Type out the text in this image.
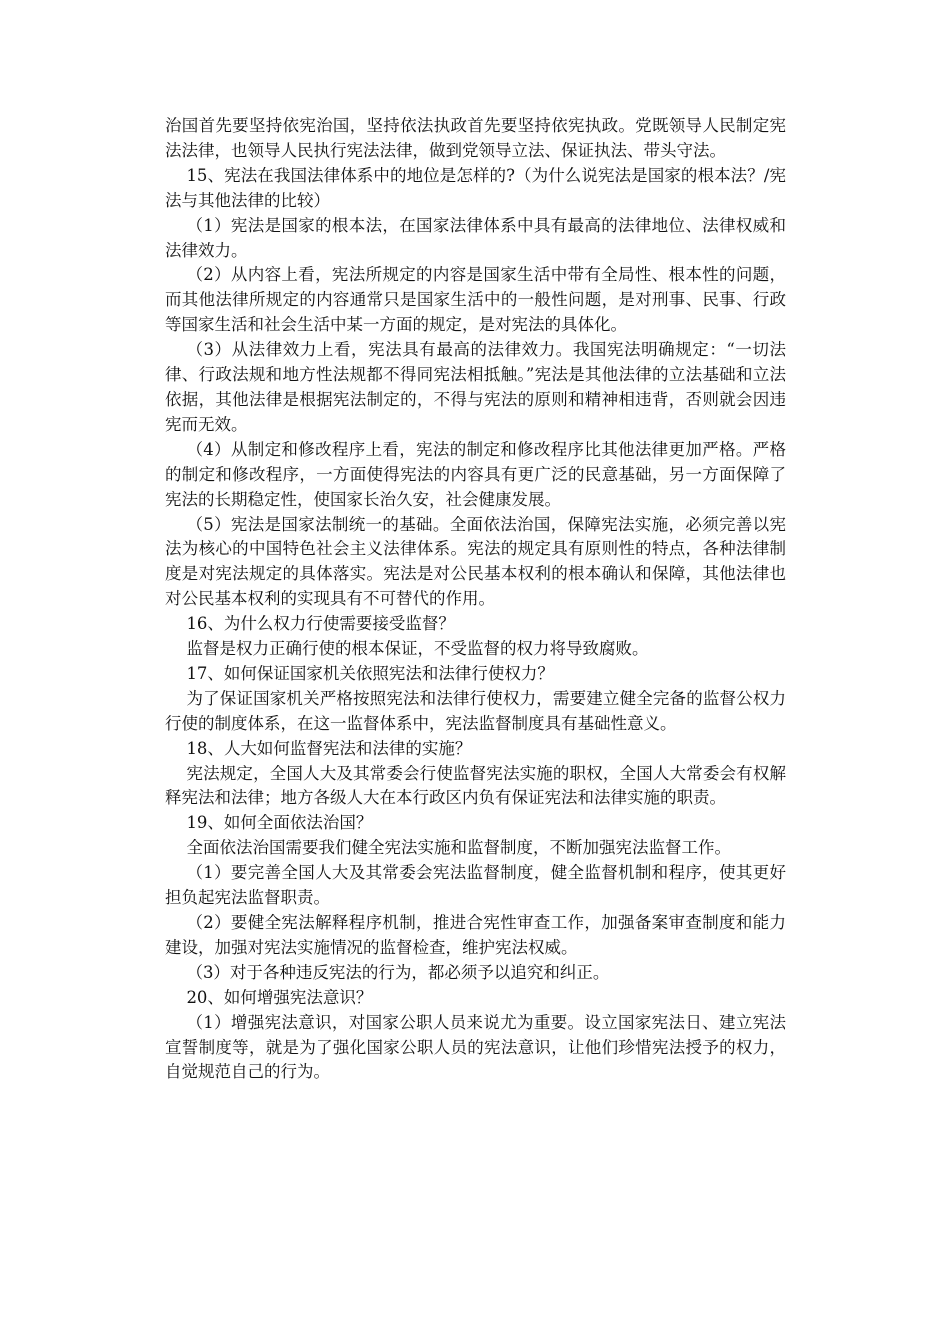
治国首先要坚持依宪治国，坚持依法执政首先要坚持依宪执政。党既领导人民制定宪法法律，也领导人民执行宪法法律，做到党领导立法、保证执法、带头守法。

15、宪法在我国法律体系中的地位是怎样的?（为什么说宪法是国家的根本法？/宪法与其他法律的比较）

（1）宪法是国家的根本法，在国家法律体系中具有最高的法律地位、法律权威和法律效力。

（2）从内容上看，宪法所规定的内容是国家生活中带有全局性、根本性的问题，而其他法律所规定的内容通常只是国家生活中的一般性问题，是对刑事、民事、行政等国家生活和社会生活中某一方面的规定，是对宪法的具体化。

（3）从法律效力上看，宪法具有最高的法律效力。我国宪法明确规定：“一切法律、行政法规和地方性法规都不得同宪法相抵触。”宪法是其他法律的立法基础和立法依据，其他法律是根据宪法制定的，不得与宪法的原则和精神相违背，否则就会因违宪而无效。

（4）从制定和修改程序上看，宪法的制定和修改程序比其他法律更加严格。严格的制定和修改程序，一方面使得宪法的内容具有更广泛的民意基础，另一方面保障了宪法的长期稳定性，使国家长治久安，社会健康发展。

（5）宪法是国家法制统一的基础。全面依法治国，保障宪法实施，必须完善以宪法为核心的中国特色社会主义法律体系。宪法的规定具有原则性的特点，各种法律制度是对宪法规定的具体落实。宪法是对公民基本权利的根本确认和保障，其他法律也对公民基本权利的实现具有不可替代的作用。

16、为什么权力行使需要接受监督？

监督是权力正确行使的根本保证，不受监督的权力将导致腐败。

17、如何保证国家机关依照宪法和法律行使权力？

为了保证国家机关严格按照宪法和法律行使权力，需要建立健全完备的监督公权力行使的制度体系，在这一监督体系中，宪法监督制度具有基础性意义。

18、人大如何监督宪法和法律的实施？

宪法规定，全国人大及其常委会行使监督宪法实施的职权，全国人大常委会有权解释宪法和法律；地方各级人大在本行政区内负有保证宪法和法律实施的职责。

19、如何全面依法治国？

全面依法治国需要我们健全宪法实施和监督制度，不断加强宪法监督工作。

（1）要完善全国人大及其常委会宪法监督制度，健全监督机制和程序，使其更好担负起宪法监督职责。

（2）要健全宪法解释程序机制，推进合宪性审查工作，加强备案审查制度和能力建设，加强对宪法实施情况的监督检查，维护宪法权威。

（3）对于各种违反宪法的行为，都必须予以追究和纠正。

20、如何增强宪法意识？

（1）增强宪法意识，对国家公职人员来说尤为重要。设立国家宪法日、建立宪法宣誓制度等，就是为了强化国家公职人员的宪法意识，让他们珍惜宪法授予的权力，自觉规范自己的行为。
